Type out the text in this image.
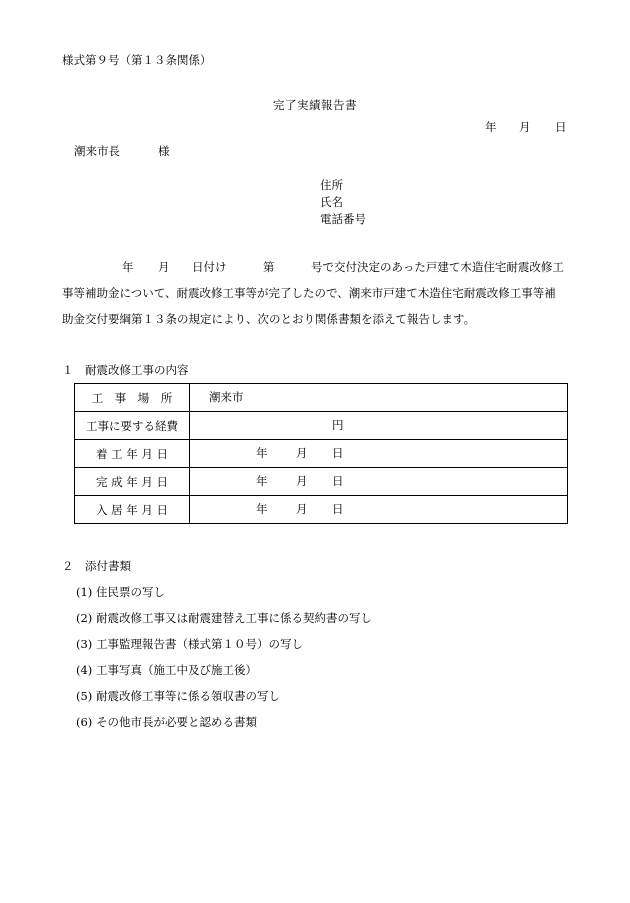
様式第９号（第１３条関係）
完了実績報告書
年 月 日
潮来市長	様
住所
氏名
電話番号
年 月 日付け	第	号で交付決定のあった戸建て木造住宅耐震改修工
事等補助金について、耐震改修工事等が完了したので、潮来市戸建て木造住宅耐震改修工事等補
助金交付要綱第１３条の規定により、次のとおり関係書類を添えて報告します。
１　耐震改修工事の内容
工　事　場　所	潮来市

工事に要する経費	円

着 工 年 月 日	年 月 日

完 成 年 月 日	年 月 日

入 居 年 月 日	年 月 日
２　添付書類
(1) 住民票の写し
(2) 耐震改修工事又は耐震建替え工事に係る契約書の写し
(3) 工事監理報告書（様式第１０号）の写し
(4) 工事写真（施工中及び施工後）
(5) 耐震改修工事等に係る領収書の写し
(6) その他市長が必要と認める書類
